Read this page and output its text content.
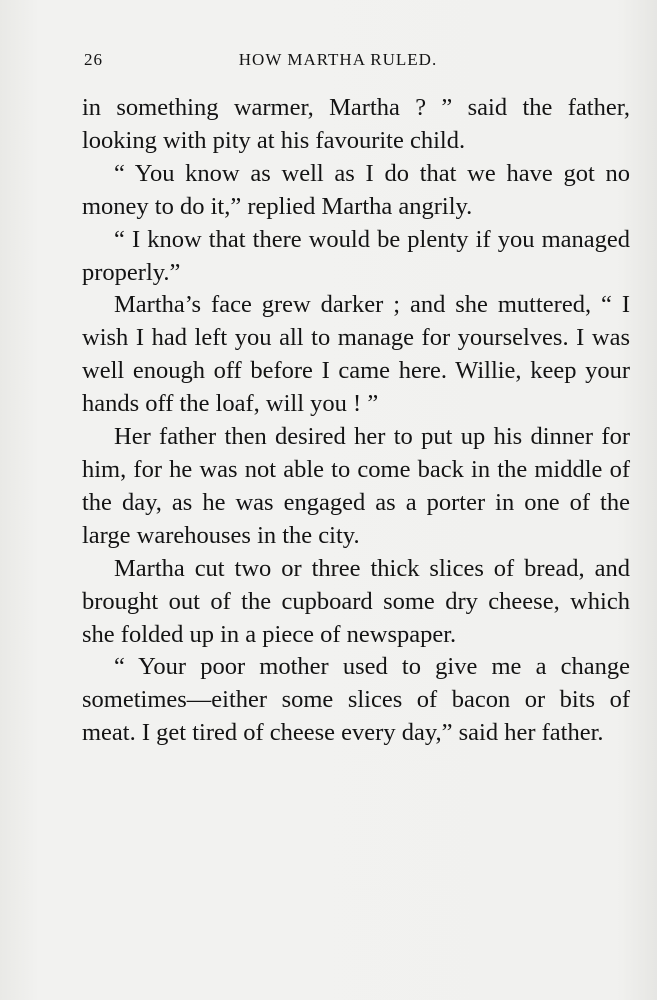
26	HOW MARTHA RULED.

in something warmer, Martha ? ” said the father, looking with pity at his favourite child.

“ You know as well as I do that we have got no money to do it,” replied Martha angrily.

“ I know that there would be plenty if you managed properly.”

Martha’s face grew darker ; and she muttered, “ I wish I had left you all to manage for yourselves. I was well enough off before I came here. Willie, keep your hands off the loaf, will you ! ”

Her father then desired her to put up his dinner for him, for he was not able to come back in the middle of the day, as he was engaged as a porter in one of the large warehouses in the city.

Martha cut two or three thick slices of bread, and brought out of the cupboard some dry cheese, which she folded up in a piece of newspaper.

“ Your poor mother used to give me a change sometimes—either some slices of bacon or bits of meat. I get tired of cheese every day,” said her father.
